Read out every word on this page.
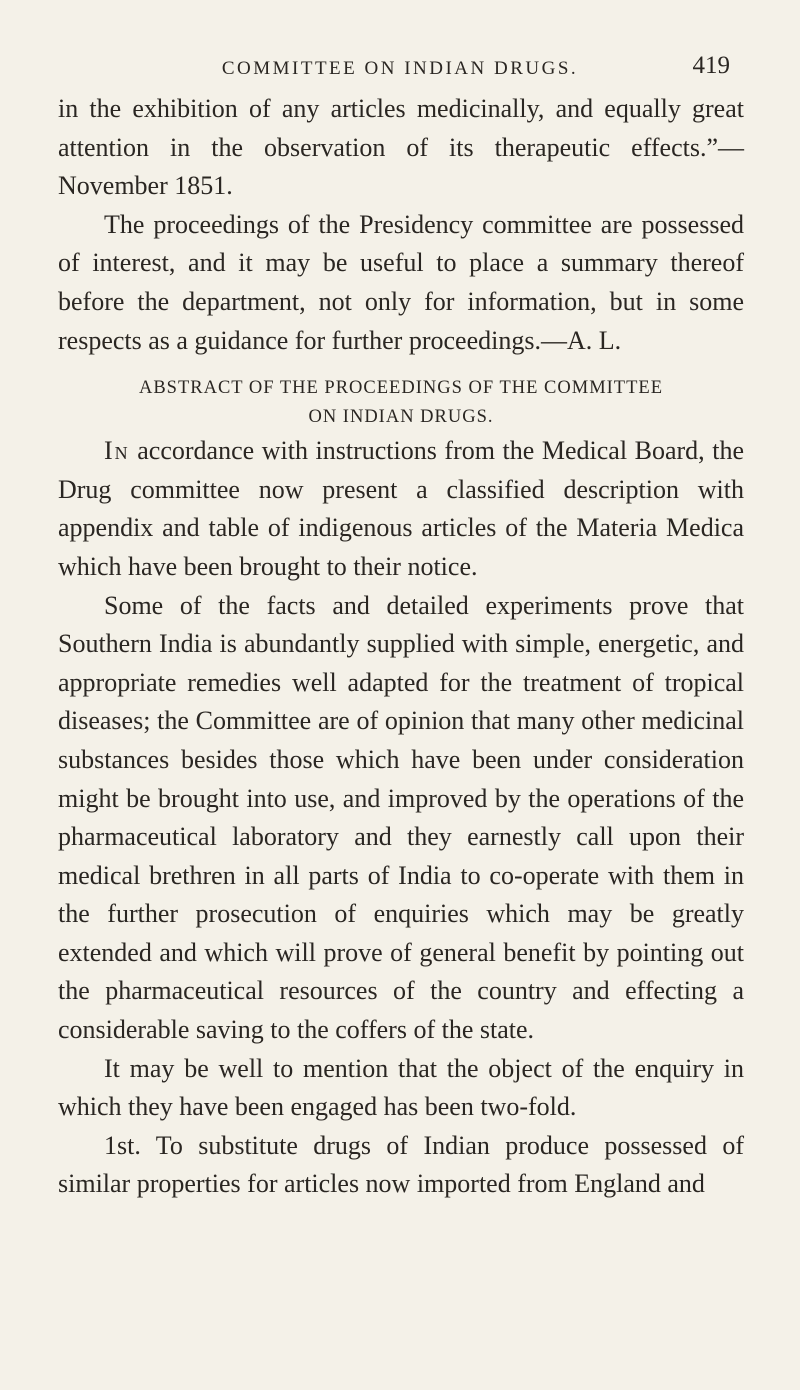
COMMITTEE ON INDIAN DRUGS.	419

in the exhibition of any articles medicinally, and equally great attention in the observation of its therapeutic effects.”—November 1851.

The proceedings of the Presidency committee are possessed of interest, and it may be useful to place a summary thereof before the department, not only for information, but in some respects as a guidance for further proceedings.—A. L.

ABSTRACT OF THE PROCEEDINGS OF THE COMMITTEE
ON INDIAN DRUGS.

In accordance with instructions from the Medical Board, the Drug committee now present a classified description with appendix and table of indigenous articles of the Materia Medica which have been brought to their notice.

Some of the facts and detailed experiments prove that Southern India is abundantly supplied with simple, energetic, and appropriate remedies well adapted for the treatment of tropical diseases; the Committee are of opinion that many other medicinal substances besides those which have been under consideration might be brought into use, and improved by the operations of the pharmaceutical laboratory and they earnestly call upon their medical brethren in all parts of India to co-operate with them in the further prosecution of enquiries which may be greatly extended and which will prove of general benefit by pointing out the pharmaceutical resources of the country and effecting a considerable saving to the coffers of the state.

It may be well to mention that the object of the enquiry in which they have been engaged has been two-fold.

1st. To substitute drugs of Indian produce possessed of similar properties for articles now imported from England and
